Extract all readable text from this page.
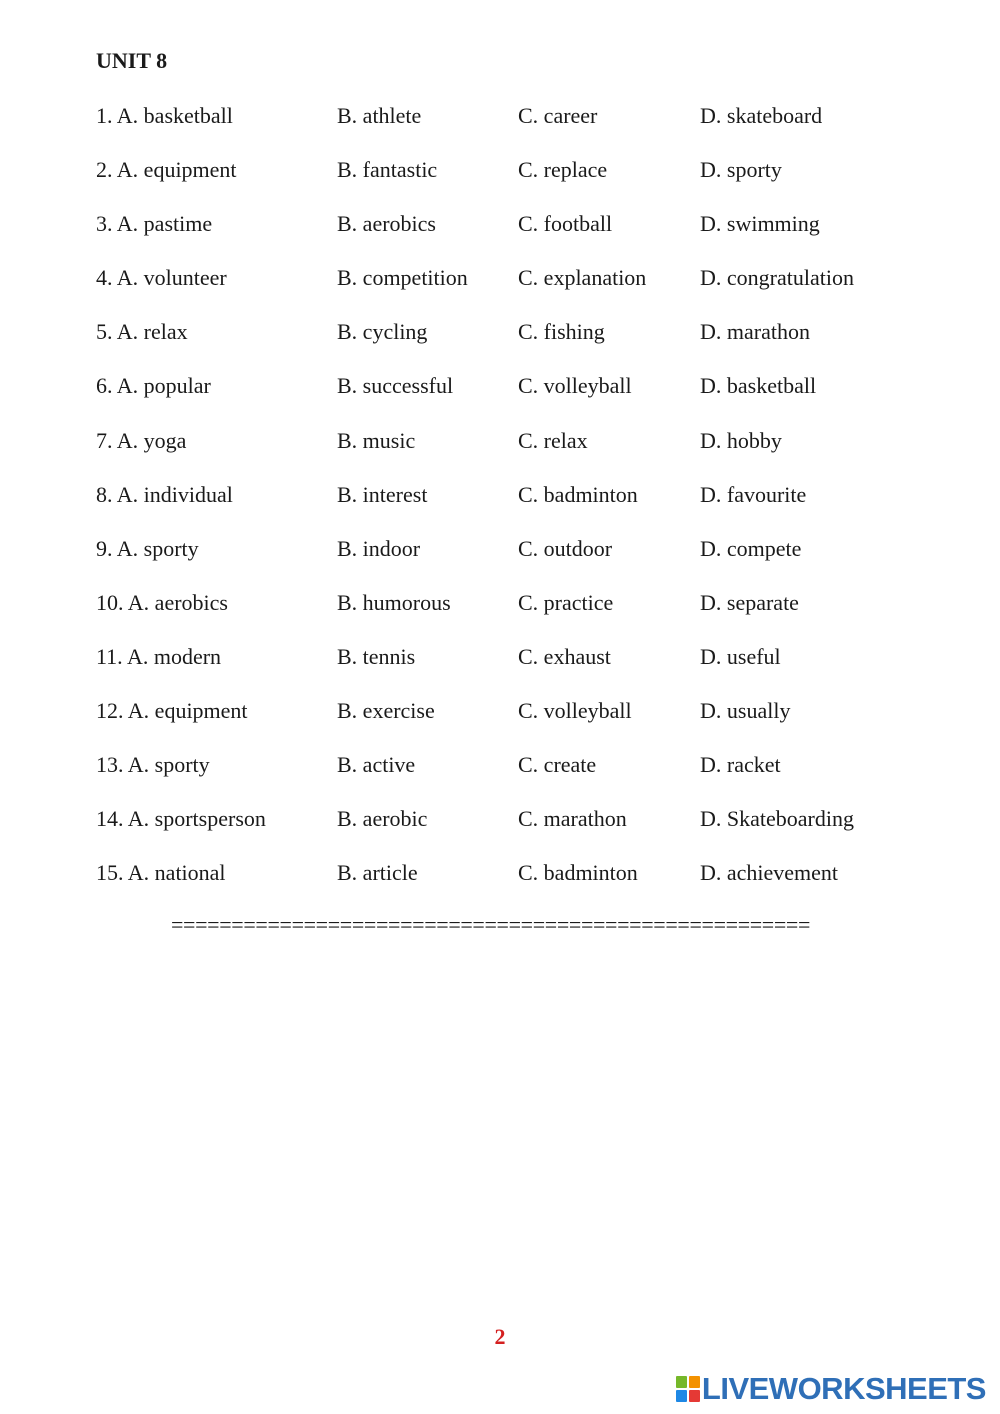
UNIT 8
1. A. basketball	B. athlete	C. career	D. skateboard
2. A. equipment	B. fantastic	C. replace	D. sporty
3. A. pastime	B. aerobics	C. football	D. swimming
4. A. volunteer	B. competition C. explanation D. congratulation
5. A. relax	B. cycling	C. fishing	D. marathon
6. A. popular	B. successful	C. volleyball	D. basketball
7. A. yoga	B. music	C. relax	D. hobby
8. A. individual	B. interest	C. badminton	D. favourite
9. A. sporty	B. indoor	C. outdoor	D. compete
10. A. aerobics	B. humorous	C. practice	D. separate
11. A. modern	B. tennis	C. exhaust	D. useful
12. A. equipment	B. exercise	C. volleyball	D. usually
13. A. sporty	B. active	C. create	D. racket
14. A. sportsperson	B. aerobic	C. marathon	D. Skateboarding
15. A. national	B. article	C. badminton	D. achievement
=====================================================
2
LIVEWORKSHEETS
